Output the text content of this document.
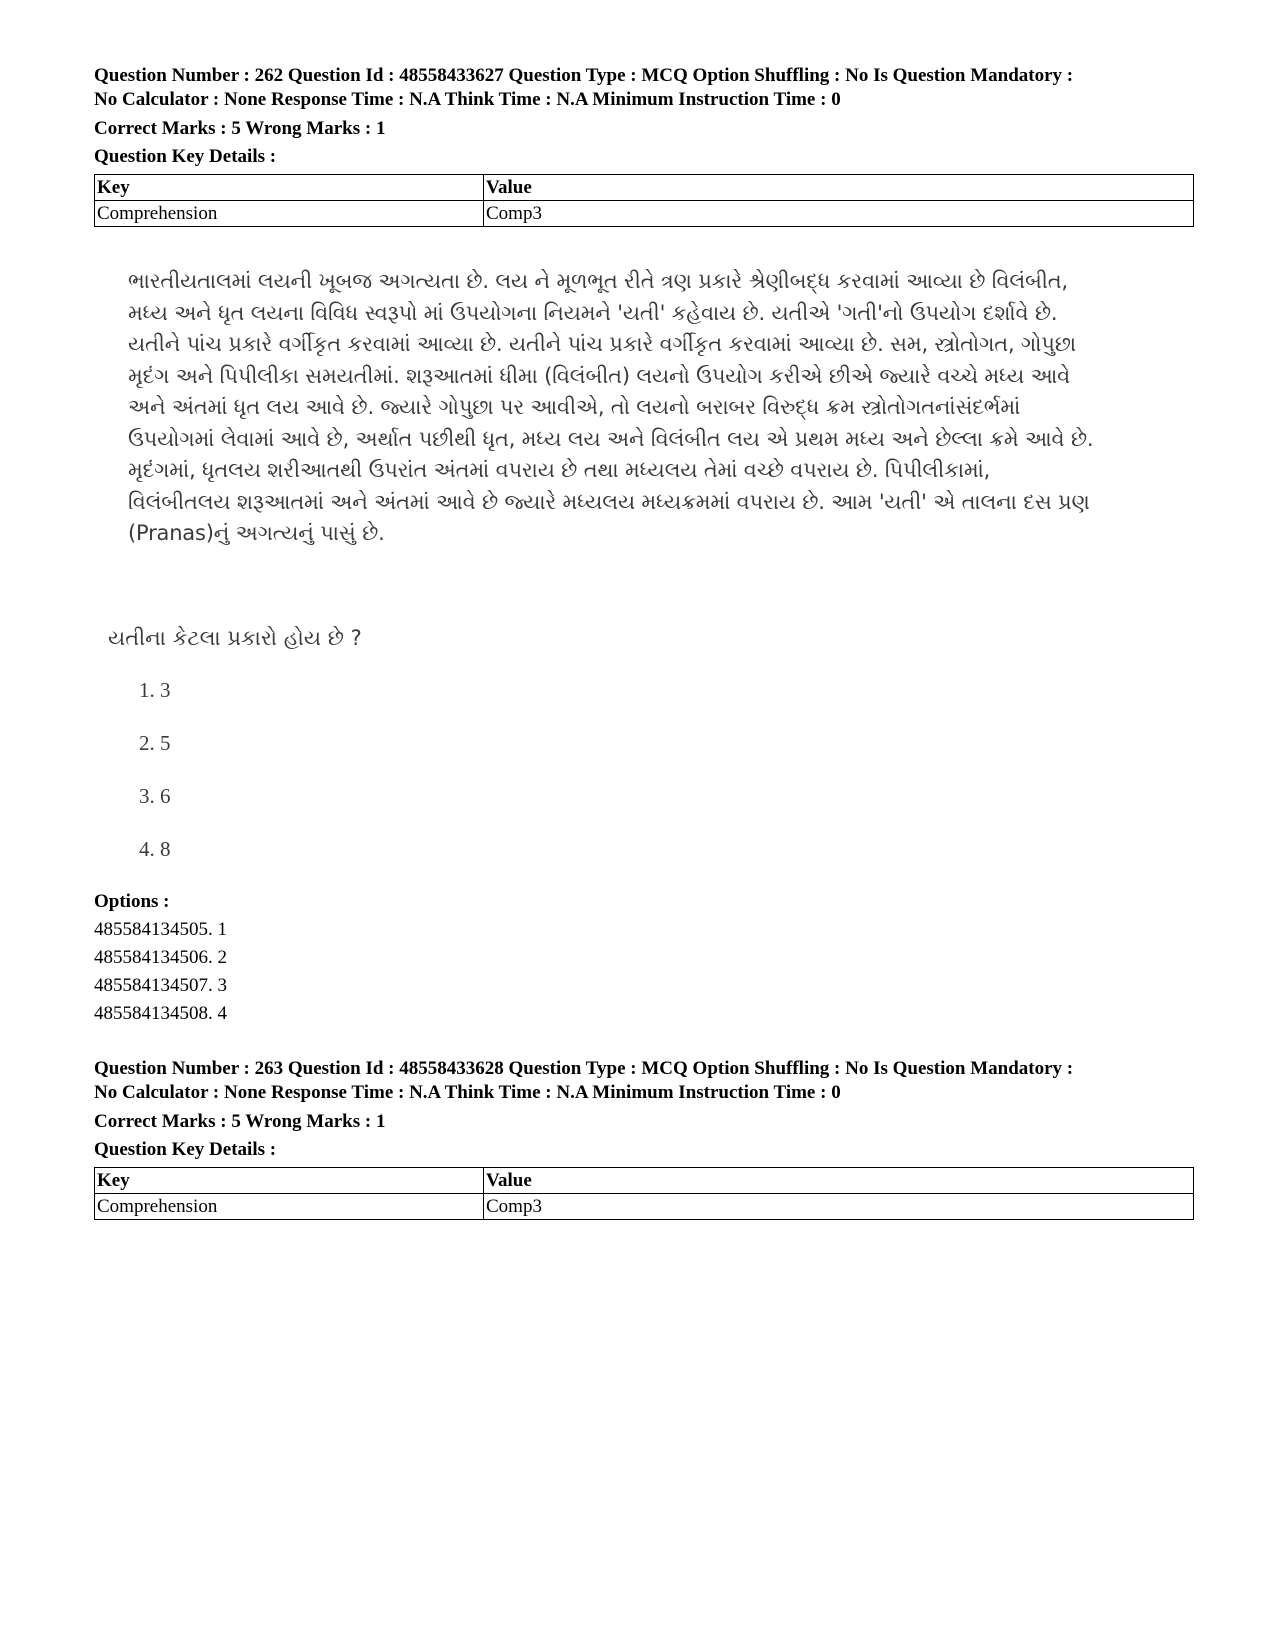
Question Number : 262 Question Id : 48558433627 Question Type : MCQ Option Shuffling : No Is Question Mandatory :
No Calculator : None Response Time : N.A Think Time : N.A Minimum Instruction Time : 0
Correct Marks : 5 Wrong Marks : 1
Question Key Details :
Key	Value
Comprehension	Comp3
ભારતીયતાલમાં લયની ખૂબજ અગત્યતા છે. લય ને મૂળભૂત રીતે ત્રણ પ્રકારે શ્રેણીબદ્ધ કરવામાં આવ્યા છે વિલંબીત,
મધ્ય અને ધૃત લયના વિવિધ સ્વરૂપો માં ઉપયોગના નિયમને 'યતી' કહેવાય છે. યતીએ 'ગતી'નો ઉપયોગ દર્શાવે છે.
યતીને પાંચ પ્રકારે વર્ગીકૃત કરવામાં આવ્યા છે. યતીને પાંચ પ્રકારે વર્ગીકૃત કરવામાં આવ્યા છે. સમ, સ્ત્રોતોગત, ગોપુછા
મૃદંગ અને પિપીલીકા સમયતીમાં. શરૂઆતમાં ધીમા (વિલંબીત) લયનો ઉપયોગ કરીએ છીએ જ્યારે વચ્ચે મધ્ય આવે
અને અંતમાં ધૃત લય આવે છે. જ્યારે ગોપુછા પર આવીએ, તો લયનો બરાબર વિરુદ્ધ ક્રમ સ્ત્રોતોગતનાંસંદર્ભમાં
ઉપયોગમાં લેવામાં આવે છે, અર્થાત પછીથી ધૃત, મધ્ય લય અને વિલંબીત લય એ પ્રથમ મધ્ય અને છેલ્લા ક્રમે આવે છે.
મૃદંગમાં, ધૃતલય શરીઆતથી ઉપરાંત અંતમાં વપરાય છે તથા મધ્યલય તેમાં વચ્છે વપરાય છે. પિપીલીકામાં,
વિલંબીતલય શરૂઆતમાં અને અંતમાં આવે છે જ્યારે મધ્યલય મધ્યક્રમમાં વપરાય છે. આમ 'યતી' એ તાલના દસ પ્રણ
(Pranas)નું અગત્યનું પાસું છે.
યતીના કેટલા પ્રકારો હોય છે ?
1. 3
2. 5
3. 6
4. 8
Options :
485584134505. 1
485584134506. 2
485584134507. 3
485584134508. 4
Question Number : 263 Question Id : 48558433628 Question Type : MCQ Option Shuffling : No Is Question Mandatory :
No Calculator : None Response Time : N.A Think Time : N.A Minimum Instruction Time : 0
Correct Marks : 5 Wrong Marks : 1
Question Key Details :
Key	Value
Comprehension	Comp3
